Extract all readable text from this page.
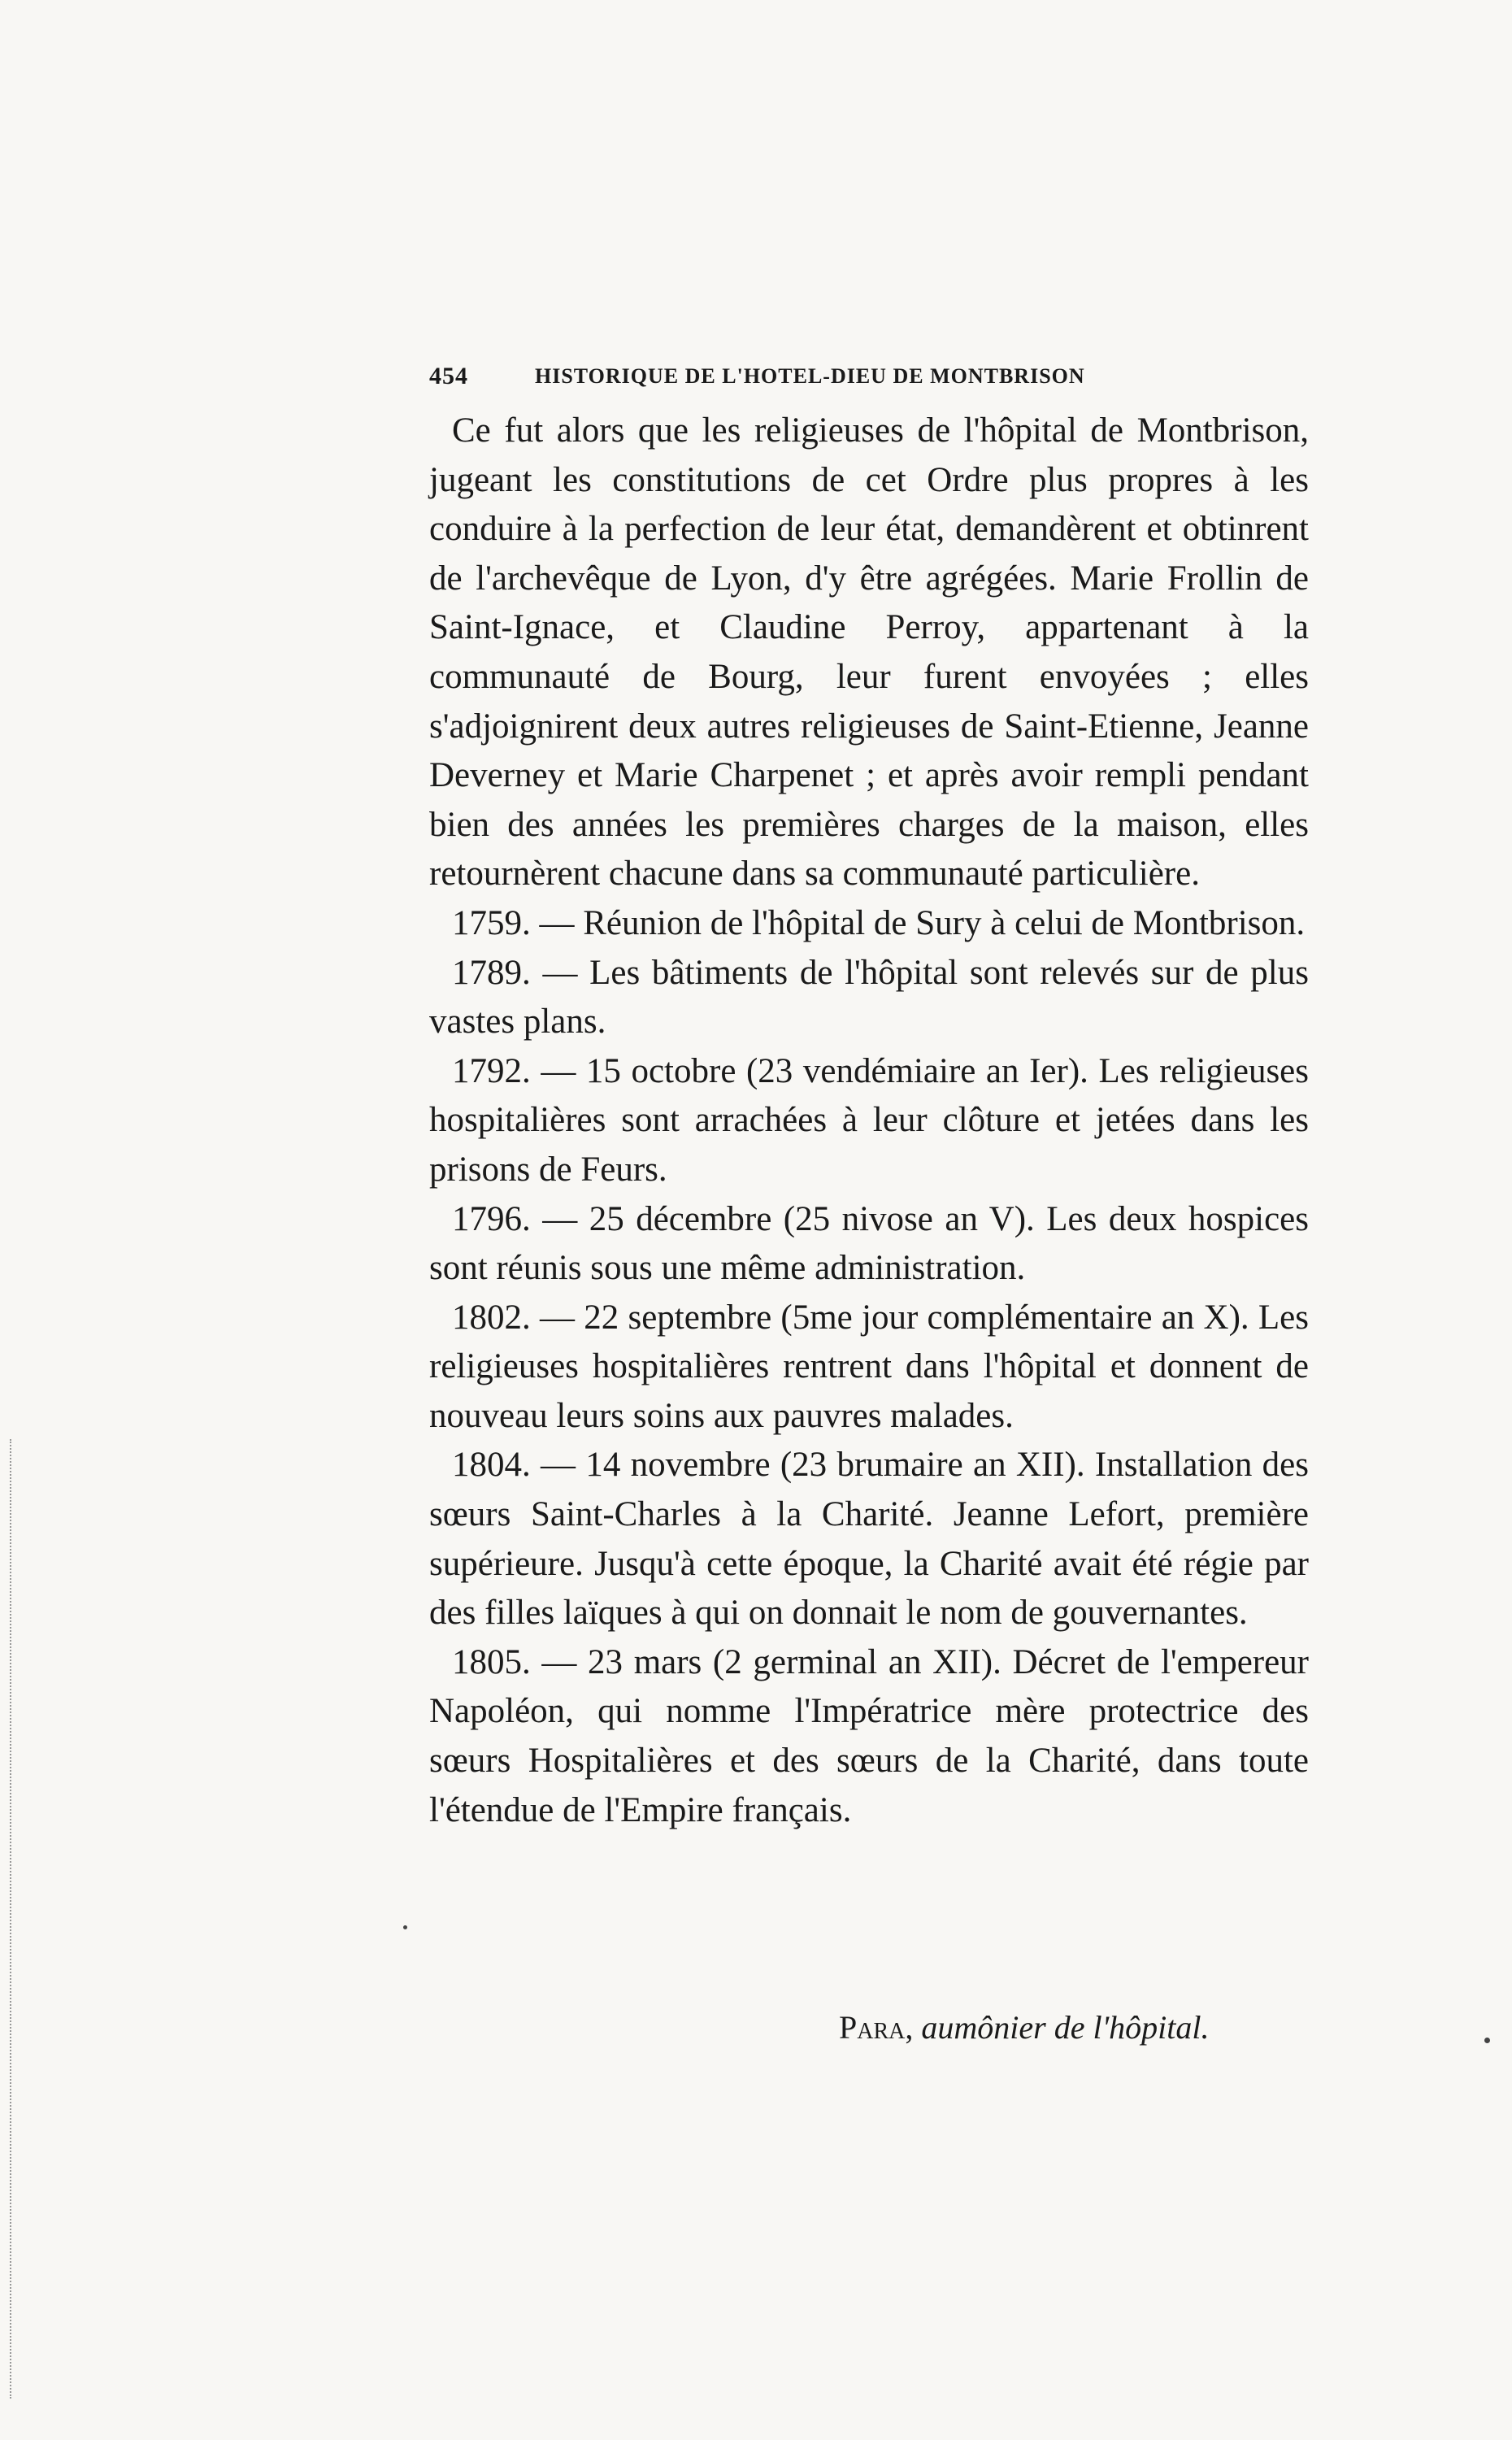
454	HISTORIQUE DE L'HOTEL-DIEU DE MONTBRISON

Ce fut alors que les religieuses de l'hôpital de Montbrison, jugeant les constitutions de cet Ordre plus propres à les conduire à la perfection de leur état, demandèrent et obtinrent de l'archevêque de Lyon, d'y être agrégées. Marie Frollin de Saint-Ignace, et Claudine Perroy, appartenant à la communauté de Bourg, leur furent envoyées ; elles s'adjoignirent deux autres religieuses de Saint-Etienne, Jeanne Deverney et Marie Charpenet ; et après avoir rempli pendant bien des années les premières charges de la maison, elles retournèrent chacune dans sa communauté particulière.

1759. — Réunion de l'hôpital de Sury à celui de Montbrison.

1789. — Les bâtiments de l'hôpital sont relevés sur de plus vastes plans.

1792. — 15 octobre (23 vendémiaire an Ier). Les religieuses hospitalières sont arrachées à leur clôture et jetées dans les prisons de Feurs.

1796. — 25 décembre (25 nivose an V). Les deux hospices sont réunis sous une même administration.

1802. — 22 septembre (5me jour complémentaire an X). Les religieuses hospitalières rentrent dans l'hôpital et donnent de nouveau leurs soins aux pauvres malades.

1804. — 14 novembre (23 brumaire an XII). Installation des sœurs Saint-Charles à la Charité. Jeanne Lefort, première supérieure. Jusqu'à cette époque, la Charité avait été régie par des filles laïques à qui on donnait le nom de gouvernantes.

1805. — 23 mars (2 germinal an XII). Décret de l'empereur Napoléon, qui nomme l'Impératrice mère protectrice des sœurs Hospitalières et des sœurs de la Charité, dans toute l'étendue de l'Empire français.

Para, aumônier de l'hôpital.
